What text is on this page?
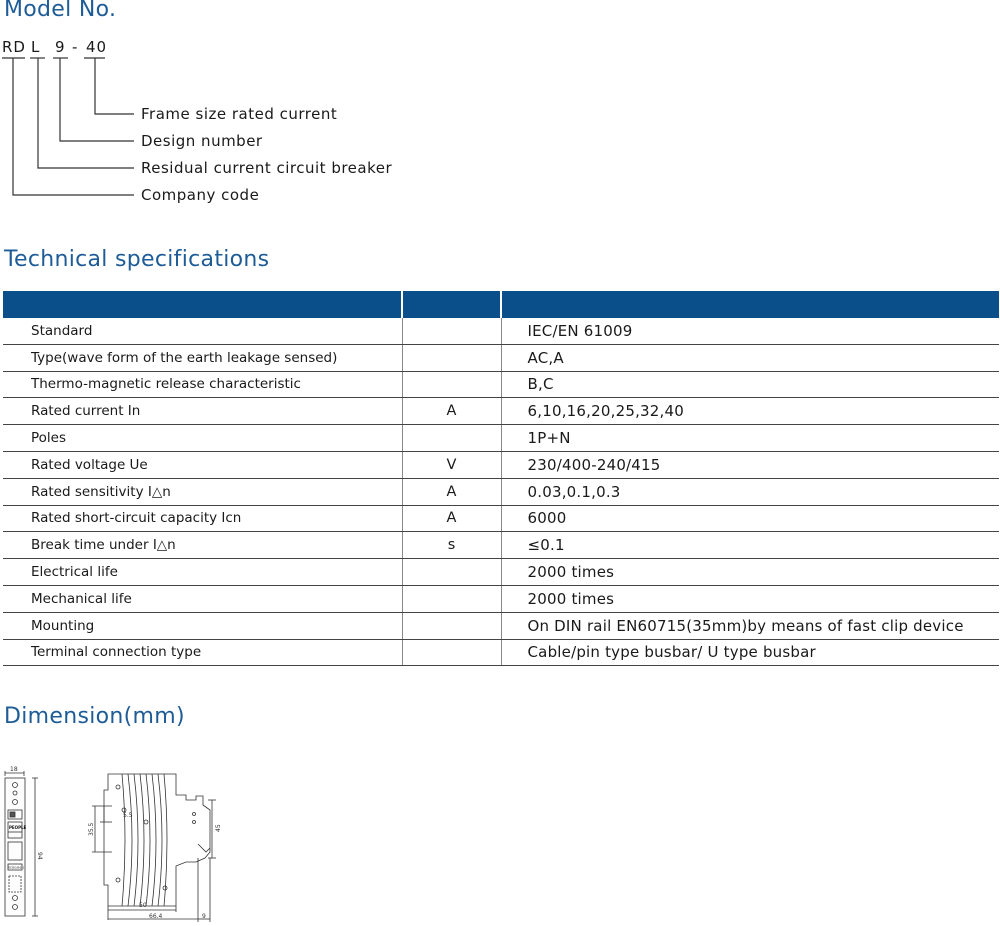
Model No.
Technical specifications
Dimension(mm)
RD L 9 - 40
Frame size rated current
Design number
Residual current circuit breaker
Company code

Standard		IEC/EN 61009
Type(wave form of the earth leakage sensed)		AC,A
Thermo-magnetic release characteristic		B,C
Rated current In	A	6,10,16,20,25,32,40
Poles		1P+N
Rated voltage Ue	V	230/400-240/415
Rated sensitivity I△n	A	0.03,0.1,0.3
Rated short-circuit capacity Icn	A	6000
Break time under I△n	s	≤0.1
Electrical life		2000 times
Mechanical life		2000 times
Mounting		On DIN rail EN60715(35mm)by means of fast clip device
Terminal connection type		Cable/pin type busbar/ U type busbar
18
PEOPLE
RCBO/B6-1
94
35.5
5.5
45
50
66.4	9
